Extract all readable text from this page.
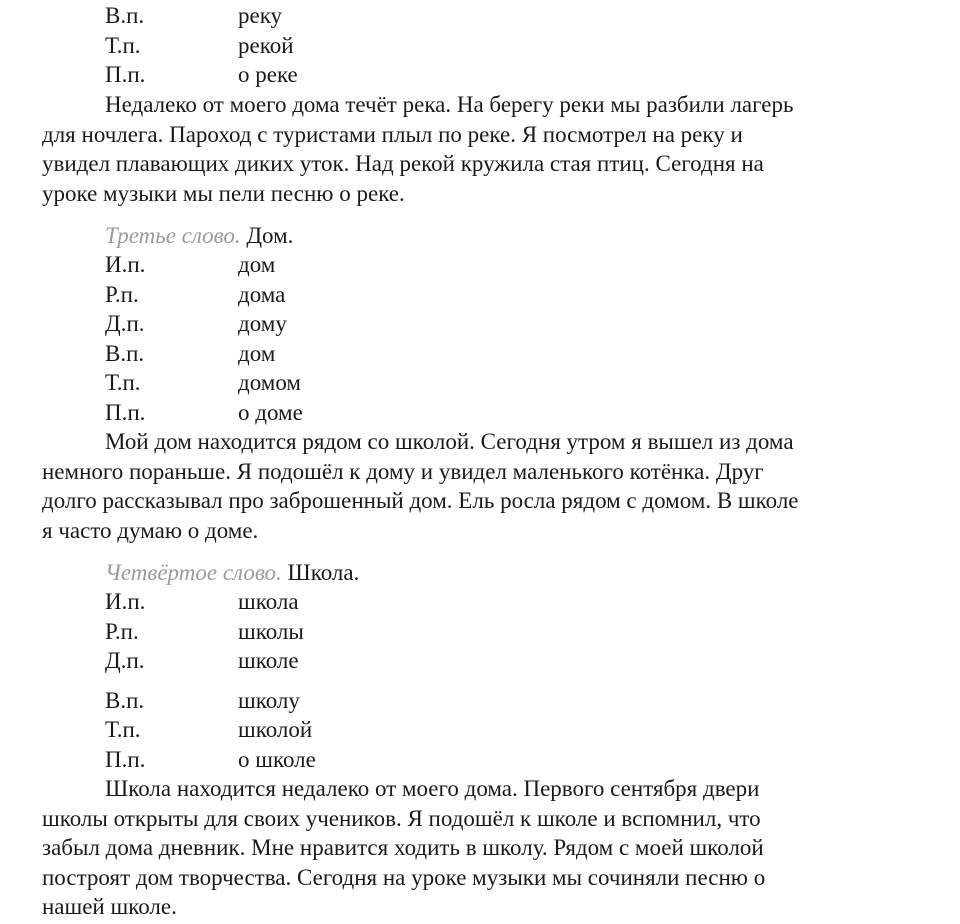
В.п.	реку
Т.п.	рекой
П.п.	о реке
Недалеко от моего дома течёт река. На берегу реки мы разбили лагерь
для ночлега. Пароход с туристами плыл по реке. Я посмотрел на реку и
увидел плавающих диких уток. Над рекой кружила стая птиц. Сегодня на
уроке музыки мы пели песню о реке.
Третье слово. Дом.
И.п.	дом
Р.п.	дома
Д.п.	дому
В.п.	дом
Т.п.	домом
П.п.	о доме
Мой дом находится рядом со школой. Сегодня утром я вышел из дома
немного пораньше. Я подошёл к дому и увидел маленького котёнка. Друг
долго рассказывал про заброшенный дом. Ель росла рядом с домом. В школе
я часто думаю о доме.
Четвёртое слово. Школа.
И.п.	школа
Р.п.	школы
Д.п.	школе
В.п.	школу
Т.п.	школой
П.п.	о школе
Школа находится недалеко от моего дома. Первого сентября двери
школы открыты для своих учеников. Я подошёл к школе и вспомнил, что
забыл дома дневник. Мне нравится ходить в школу. Рядом с моей школой
построят дом творчества. Сегодня на уроке музыки мы сочиняли песню о
нашей школе.
